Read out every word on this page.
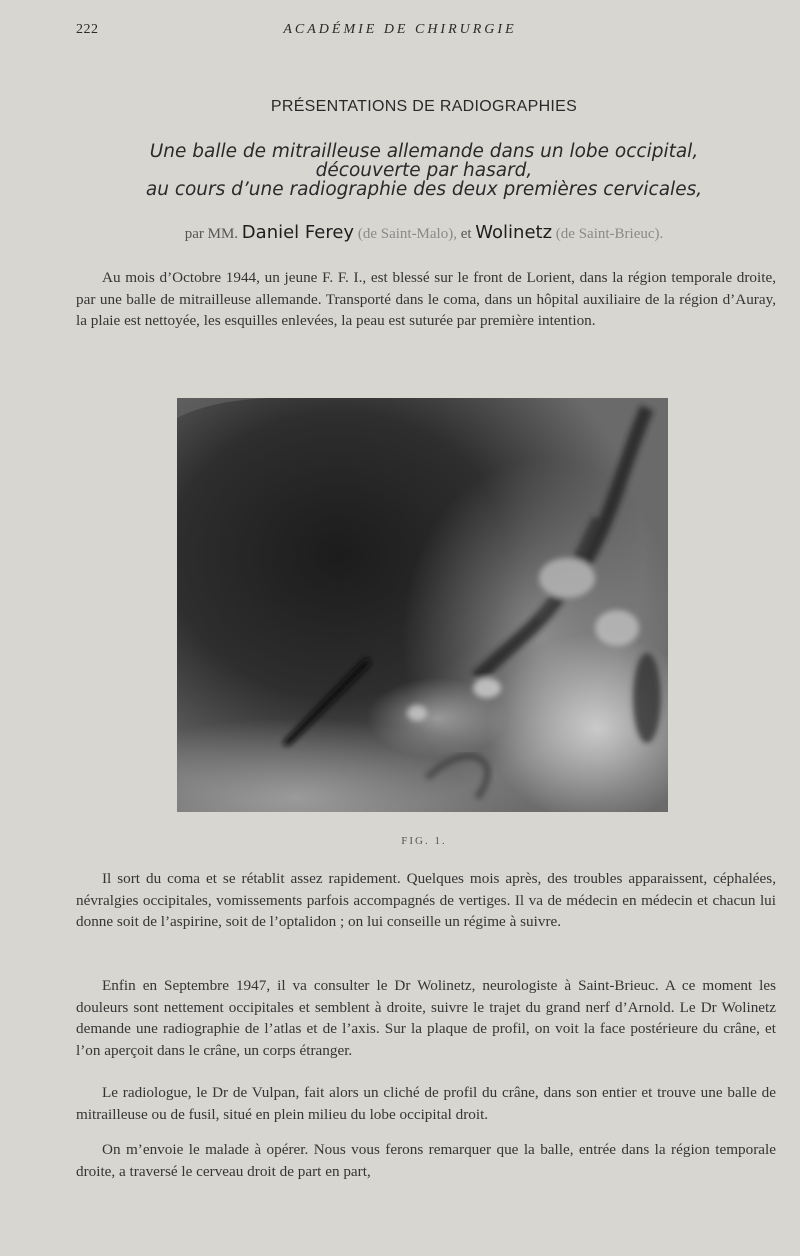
222	ACADÉMIE DE CHIRURGIE
PRÉSENTATIONS DE RADIOGRAPHIES
Une balle de mitrailleuse allemande dans un lobe occipital,
découverte par hasard,
au cours d’une radiographie des deux premières cervicales,
par MM. Daniel Ferey (de Saint-Malo), et Wolinetz (de Saint-Brieuc).

Au mois d’Octobre 1944, un jeune F. F. I., est blessé sur le front de Lorient, dans la région temporale droite, par une balle de mitrailleuse allemande. Transporté dans le coma, dans un hôpital auxiliaire de la région d’Auray, la plaie est nettoyée, les esquilles enlevées, la peau est suturée par première intention.

FIG. 1.

Il sort du coma et se rétablit assez rapidement. Quelques mois après, des troubles apparaissent, céphalées, névralgies occipitales, vomissements parfois accompagnés de vertiges. Il va de médecin en médecin et chacun lui donne soit de l’aspirine, soit de l’optalidon ; on lui conseille un régime à suivre.

Enfin en Septembre 1947, il va consulter le Dr Wolinetz, neurologiste à Saint-Brieuc. A ce moment les douleurs sont nettement occipitales et semblent à droite, suivre le trajet du grand nerf d’Arnold. Le Dr Wolinetz demande une radiographie de l’atlas et de l’axis. Sur la plaque de profil, on voit la face postérieure du crâne, et l’on aperçoit dans le crâne, un corps étranger.

Le radiologue, le Dr de Vulpan, fait alors un cliché de profil du crâne, dans son entier et trouve une balle de mitrailleuse ou de fusil, situé en plein milieu du lobe occipital droit.

On m’envoie le malade à opérer. Nous vous ferons remarquer que la balle, entrée dans la région temporale droite, a traversé le cerveau droit de part en part,
